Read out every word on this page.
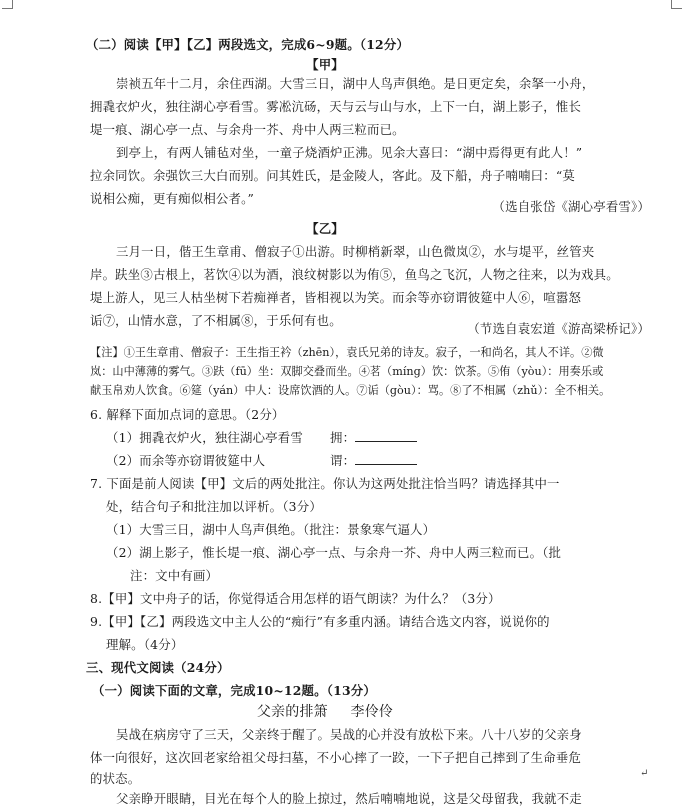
（二）阅读【甲】【乙】两段选文，完成6~9题。（12分）
【甲】
崇祯五年十二月，余住西湖。大雪三日，湖中人鸟声俱绝。是日更定矣，余拏一小舟，
拥毳衣炉火，独往湖心亭看雪。雾凇沆砀，天与云与山与水，上下一白，湖上影子，惟长
堤一痕、湖心亭一点、与余舟一芥、舟中人两三粒而已。
到亭上，有两人铺毡对坐，一童子烧酒炉正沸。见余大喜曰：“湖中焉得更有此人！”
拉余同饮。余强饮三大白而别。问其姓氏，是金陵人，客此。及下船，舟子喃喃曰：“莫
说相公痴，更有痴似相公者。”
（选自张岱《湖心亭看雪》）
【乙】
三月一日，偕王生章甫、僧寂子①出游。时柳梢新翠，山色微岚②，水与堤平，丝管夹
岸。趺坐③古根上，茗饮④以为酒，浪纹树影以为侑⑤，鱼鸟之飞沉，人物之往来，以为戏具。
堤上游人，见三人枯坐树下若痴禅者，皆相视以为笑。而余等亦窃谓彼筵中人⑥，喧嚣怒
诟⑦，山情水意，了不相属⑧，于乐何有也。
（节选自袁宏道《游高梁桥记》）
【注】①王生章甫、僧寂子：王生指王衿（zhēn），袁氏兄弟的诗友。寂子，一和尚名，其人不详。②微
岚：山中薄薄的雾气。③趺（fū）坐：双脚交叠而坐。④茗（míng）饮：饮茶。⑤侑（yòu）：用奏乐或
献玉帛劝人饮食。⑥筵（yán）中人：设席饮酒的人。⑦诟（gòu）：骂。⑧了不相属（zhǔ）：全不相关。
6. 解释下面加点词的意思。（2分）
（1）拥毳衣炉火，独往湖心亭看雪 拥：
（2）而余等亦窃谓彼筵中人	谓：
7. 下面是前人阅读【甲】文后的两处批注。你认为这两处批注恰当吗？请选择其中一
处，结合句子和批注加以评析。（3分）
（1）大雪三日，湖中人鸟声俱绝。（批注：景象寒气逼人）
（2）湖上影子，惟长堤一痕、湖心亭一点、与余舟一芥、舟中人两三粒而已。（批
注：文中有画）
8.【甲】文中舟子的话，你觉得适合用怎样的语气朗读？为什么？（3分）
9.【甲】【乙】两段选文中主人公的“痴行”有多重内涵。请结合选文内容，说说你的
理解。（4分）
三、现代文阅读（24分）
（一）阅读下面的文章，完成10~12题。（13分）
父亲的排箫 李伶伶
吴战在病房守了三天，父亲终于醒了。吴战的心并没有放松下来。八十八岁的父亲身
体一向很好，这次回老家给祖父母扫墓，不小心摔了一跤，一下子把自己摔到了生命垂危
的状态。
父亲睁开眼睛，目光在每个人的脸上掠过，然后喃喃地说，这是父母留我，我就不走
↵
